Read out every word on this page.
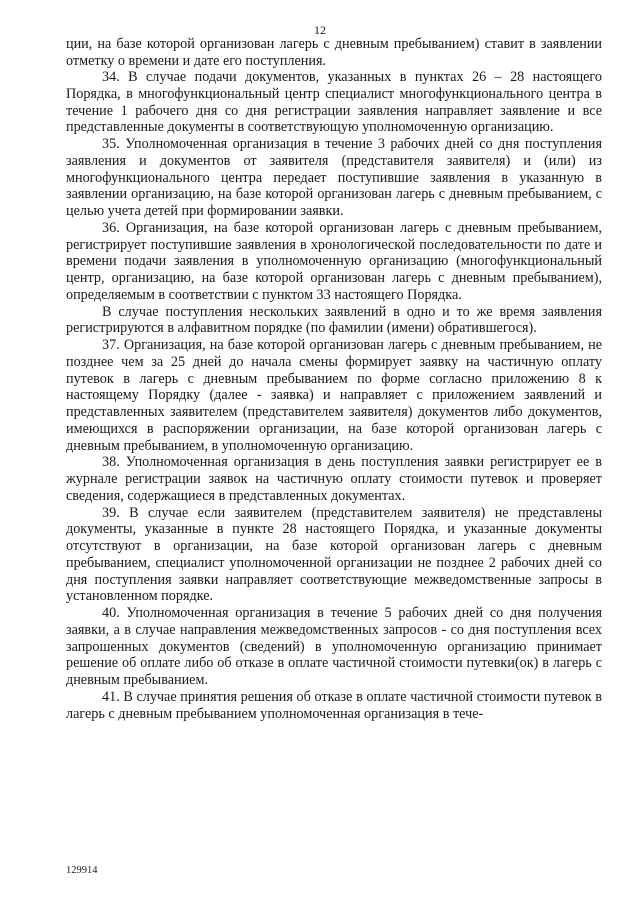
12

ции, на базе которой организован лагерь с дневным пребыванием) ставит в заявлении отметку о времени и дате его поступления.

34. В случае подачи документов, указанных в пунктах 26 – 28 настоящего Порядка, в многофункциональный центр специалист многофункционального центра в течение 1 рабочего дня со дня регистрации заявления направляет заявление и все представленные документы в соответствующую уполномоченную организацию.

35. Уполномоченная организация в течение 3 рабочих дней со дня поступления заявления и документов от заявителя (представителя заявителя) и (или) из многофункционального центра передает поступившие заявления в указанную в заявлении организацию, на базе которой организован лагерь с дневным пребыванием, с целью учета детей при формировании заявки.

36. Организация, на базе которой организован лагерь с дневным пребыванием, регистрирует поступившие заявления в хронологической последовательности по дате и времени подачи заявления в уполномоченную организацию (многофункциональный центр, организацию, на базе которой организован лагерь с дневным пребыванием), определяемым в соответствии с пунктом 33 настоящего Порядка.

В случае поступления нескольких заявлений в одно и то же время заявления регистрируются в алфавитном порядке (по фамилии (имени) обратившегося).

37. Организация, на базе которой организован лагерь с дневным пребыванием, не позднее чем за 25 дней до начала смены формирует заявку на частичную оплату путевок в лагерь с дневным пребыванием по форме согласно приложению 8 к настоящему Порядку (далее - заявка) и направляет с приложением заявлений и представленных заявителем (представителем заявителя) документов либо документов, имеющихся в распоряжении организации, на базе которой организован лагерь с дневным пребыванием, в уполномоченную организацию.

38. Уполномоченная организация в день поступления заявки регистрирует ее в журнале регистрации заявок на частичную оплату стоимости путевок и проверяет сведения, содержащиеся в представленных документах.

39. В случае если заявителем (представителем заявителя) не представлены документы, указанные в пункте 28 настоящего Порядка, и указанные документы отсутствуют в организации, на базе которой организован лагерь с дневным пребыванием, специалист уполномоченной организации не позднее 2 рабочих дней со дня поступления заявки направляет соответствующие межведомственные запросы в установленном порядке.

40. Уполномоченная организация в течение 5 рабочих дней со дня получения заявки, а в случае направления межведомственных запросов - со дня поступления всех запрошенных документов (сведений) в уполномоченную организацию принимает решение об оплате либо об отказе в оплате частичной стоимости путевки(ок) в лагерь с дневным пребыванием.

41. В случае принятия решения об отказе в оплате частичной стоимости путевок в лагерь с дневным пребыванием уполномоченная организация в тече-

129914
